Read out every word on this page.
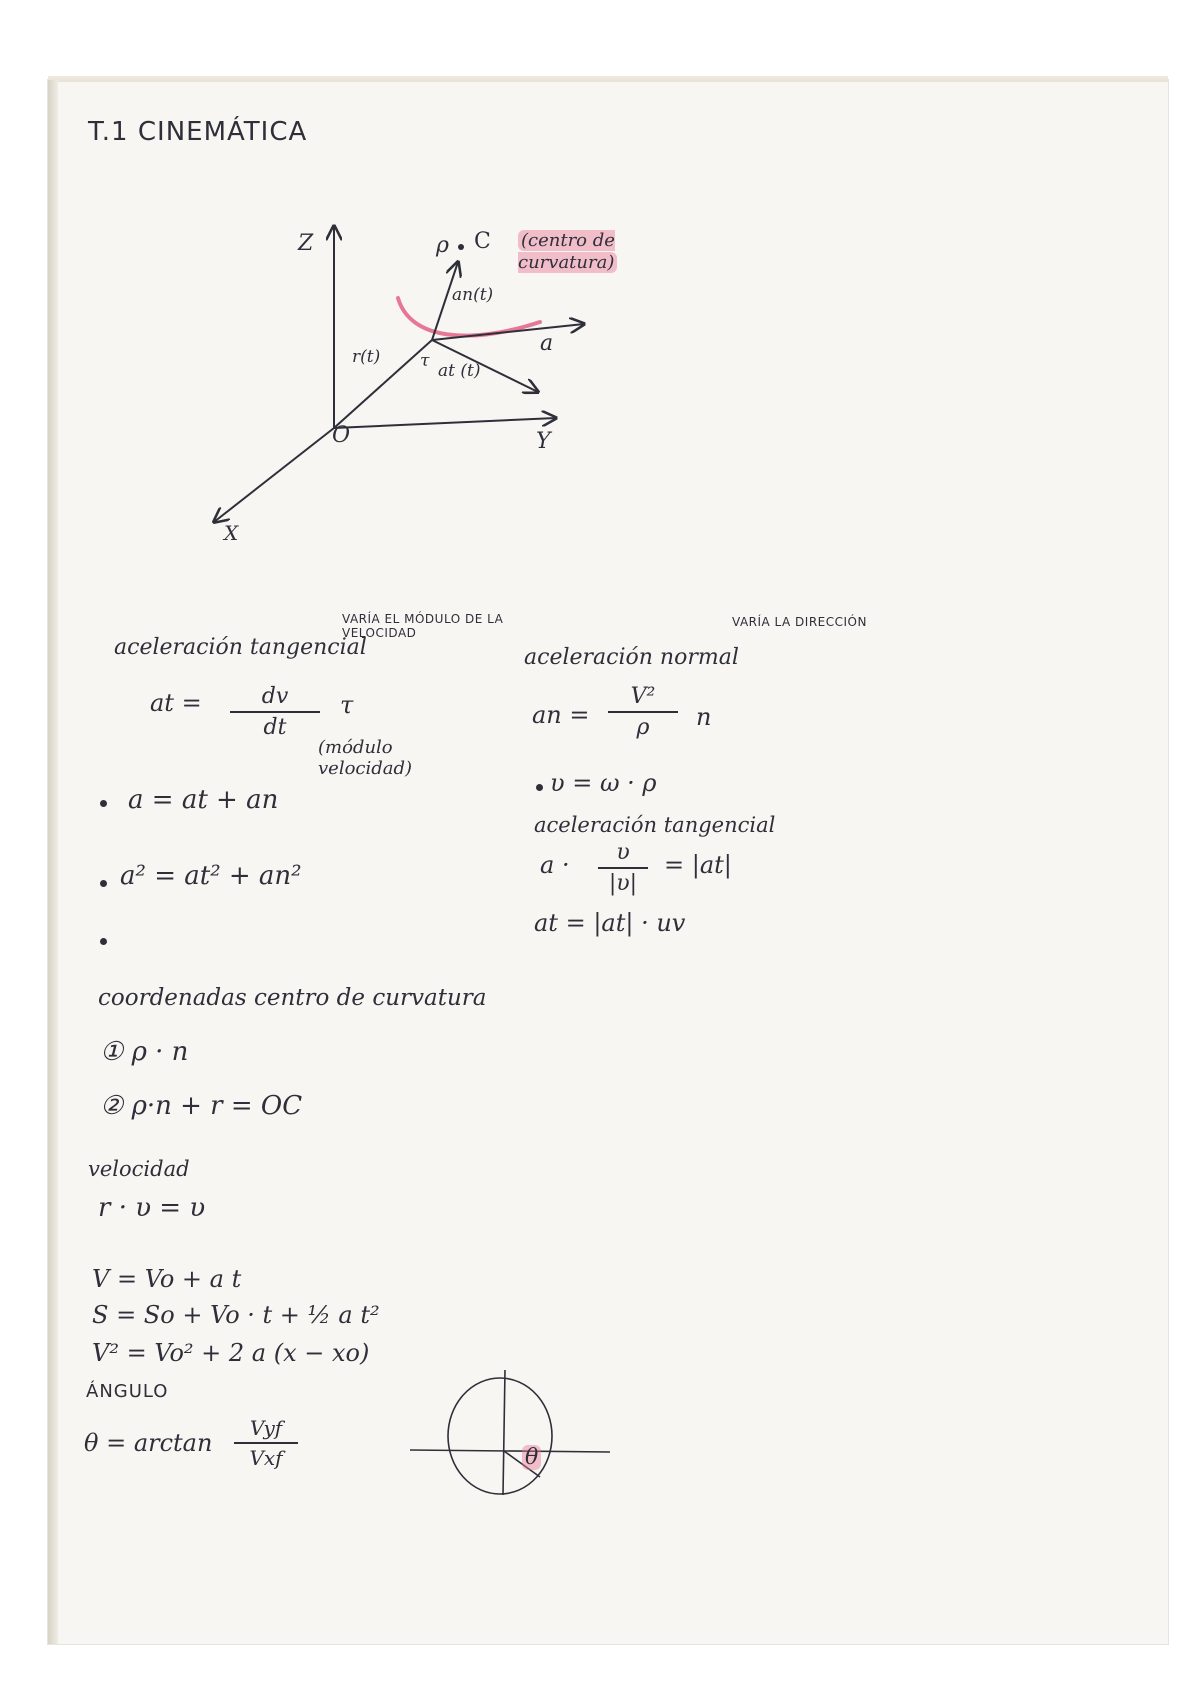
T.1 CINEMÁTICA

Z

Y

X

O

ρ C (centro de curvatura)

an(t)

r(t)

at (t)

τ

a

VARÍA EL MÓDULO DE LA VELOCIDAD

aceleración tangencial

at =	dv
dt

τ

(módulo velocidad)

VARÍA LA DIRECCIÓN

aceleración normal

an =

V²
ρ n

υ = ω · ρ

aceleración tangencial

a · υ
|υ|

= |at|

at = |at| · uv

a = at + an

a² = at² + an²

coordenadas centro de curvatura

① ρ · n

② ρ·n + r = OC

velocidad

r · υ = υ

V = Vo + a t

S = So + Vo · t + ½ a t²

V² = Vo² + 2 a (x − xo)

ÁNGULO

θ = arctan

Vyf
Vxf	θ
